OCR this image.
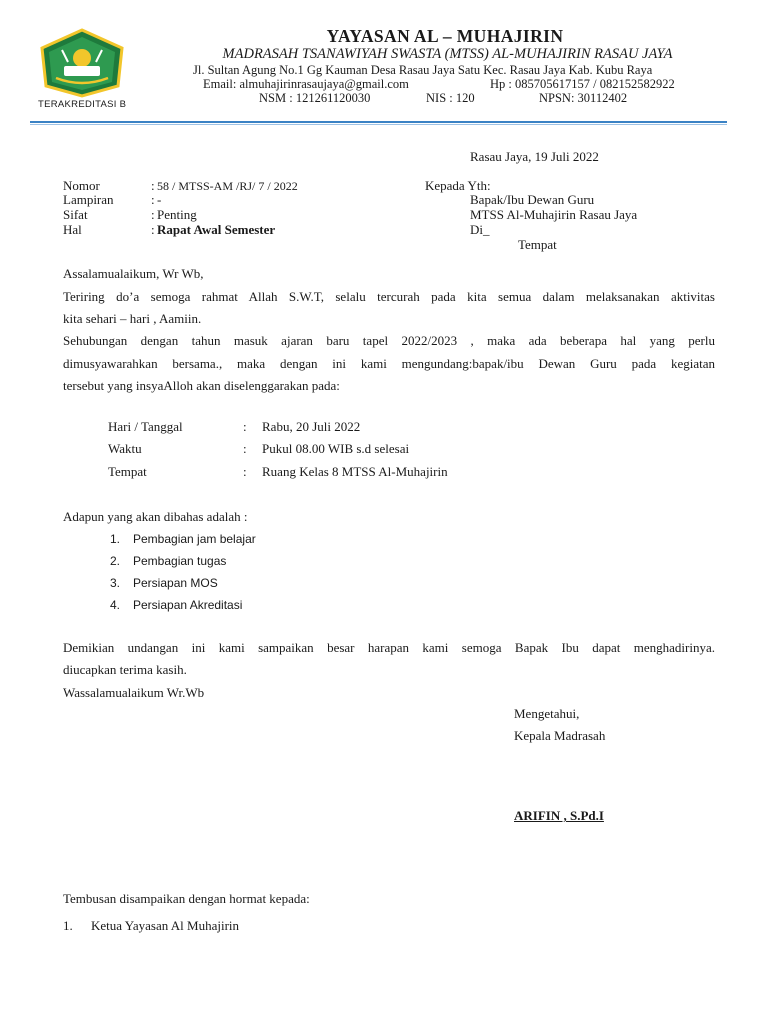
TERAKREDITASI B
YAYASAN AL – MUHAJIRIN
MADRASAH TSANAWIYAH SWASTA (MTSS) AL-MUHAJIRIN RASAU JAYA
Jl. Sultan Agung No.1 Gg Kauman Desa Rasau Jaya Satu Kec. Rasau Jaya Kab. Kubu Raya
Email: almuhajirinrasaujaya@gmail.com	Hp : 085705617157 / 082152582922
NSM : 121261120030	NIS : 120	NPSN: 30112402
Rasau Jaya, 19 Juli 2022
Nomor	: 58 / MTSS-AM /RJ/ 7 / 2022
Lampiran	: -
Sifat	: Penting
Hal	: Rapat Awal Semester
Kepada Yth:
Bapak/Ibu Dewan Guru
MTSS Al-Muhajirin Rasau Jaya
Di_
Tempat
Assalamualaikum, Wr Wb,
Teriring do’a semoga rahmat Allah S.W.T, selalu tercurah pada kita semua dalam melaksanakan aktivitas
kita sehari – hari , Aamiin.
Sehubungan dengan tahun masuk ajaran baru tapel 2022/2023 , maka ada beberapa hal yang perlu
dimusyawarahkan bersama., maka dengan ini kami mengundang:bapak/ibu Dewan Guru pada kegiatan
tersebut yang insyaAlloh akan diselenggarakan pada:
Hari / Tanggal	: Rabu, 20 Juli 2022
Waktu	: Pukul 08.00 WIB s.d selesai
Tempat	: Ruang Kelas 8 MTSS Al-Muhajirin
Adapun yang akan dibahas adalah :
1. Pembagian jam belajar
2. Pembagian tugas
3. Persiapan MOS
4. Persiapan Akreditasi
Demikian undangan ini kami sampaikan besar harapan kami semoga Bapak Ibu dapat menghadirinya.
diucapkan terima kasih.
Wassalamualaikum Wr.Wb
Mengetahui,
Kepala Madrasah
ARIFIN , S.Pd.I
Tembusan disampaikan dengan hormat kepada:
1. Ketua Yayasan Al Muhajirin
